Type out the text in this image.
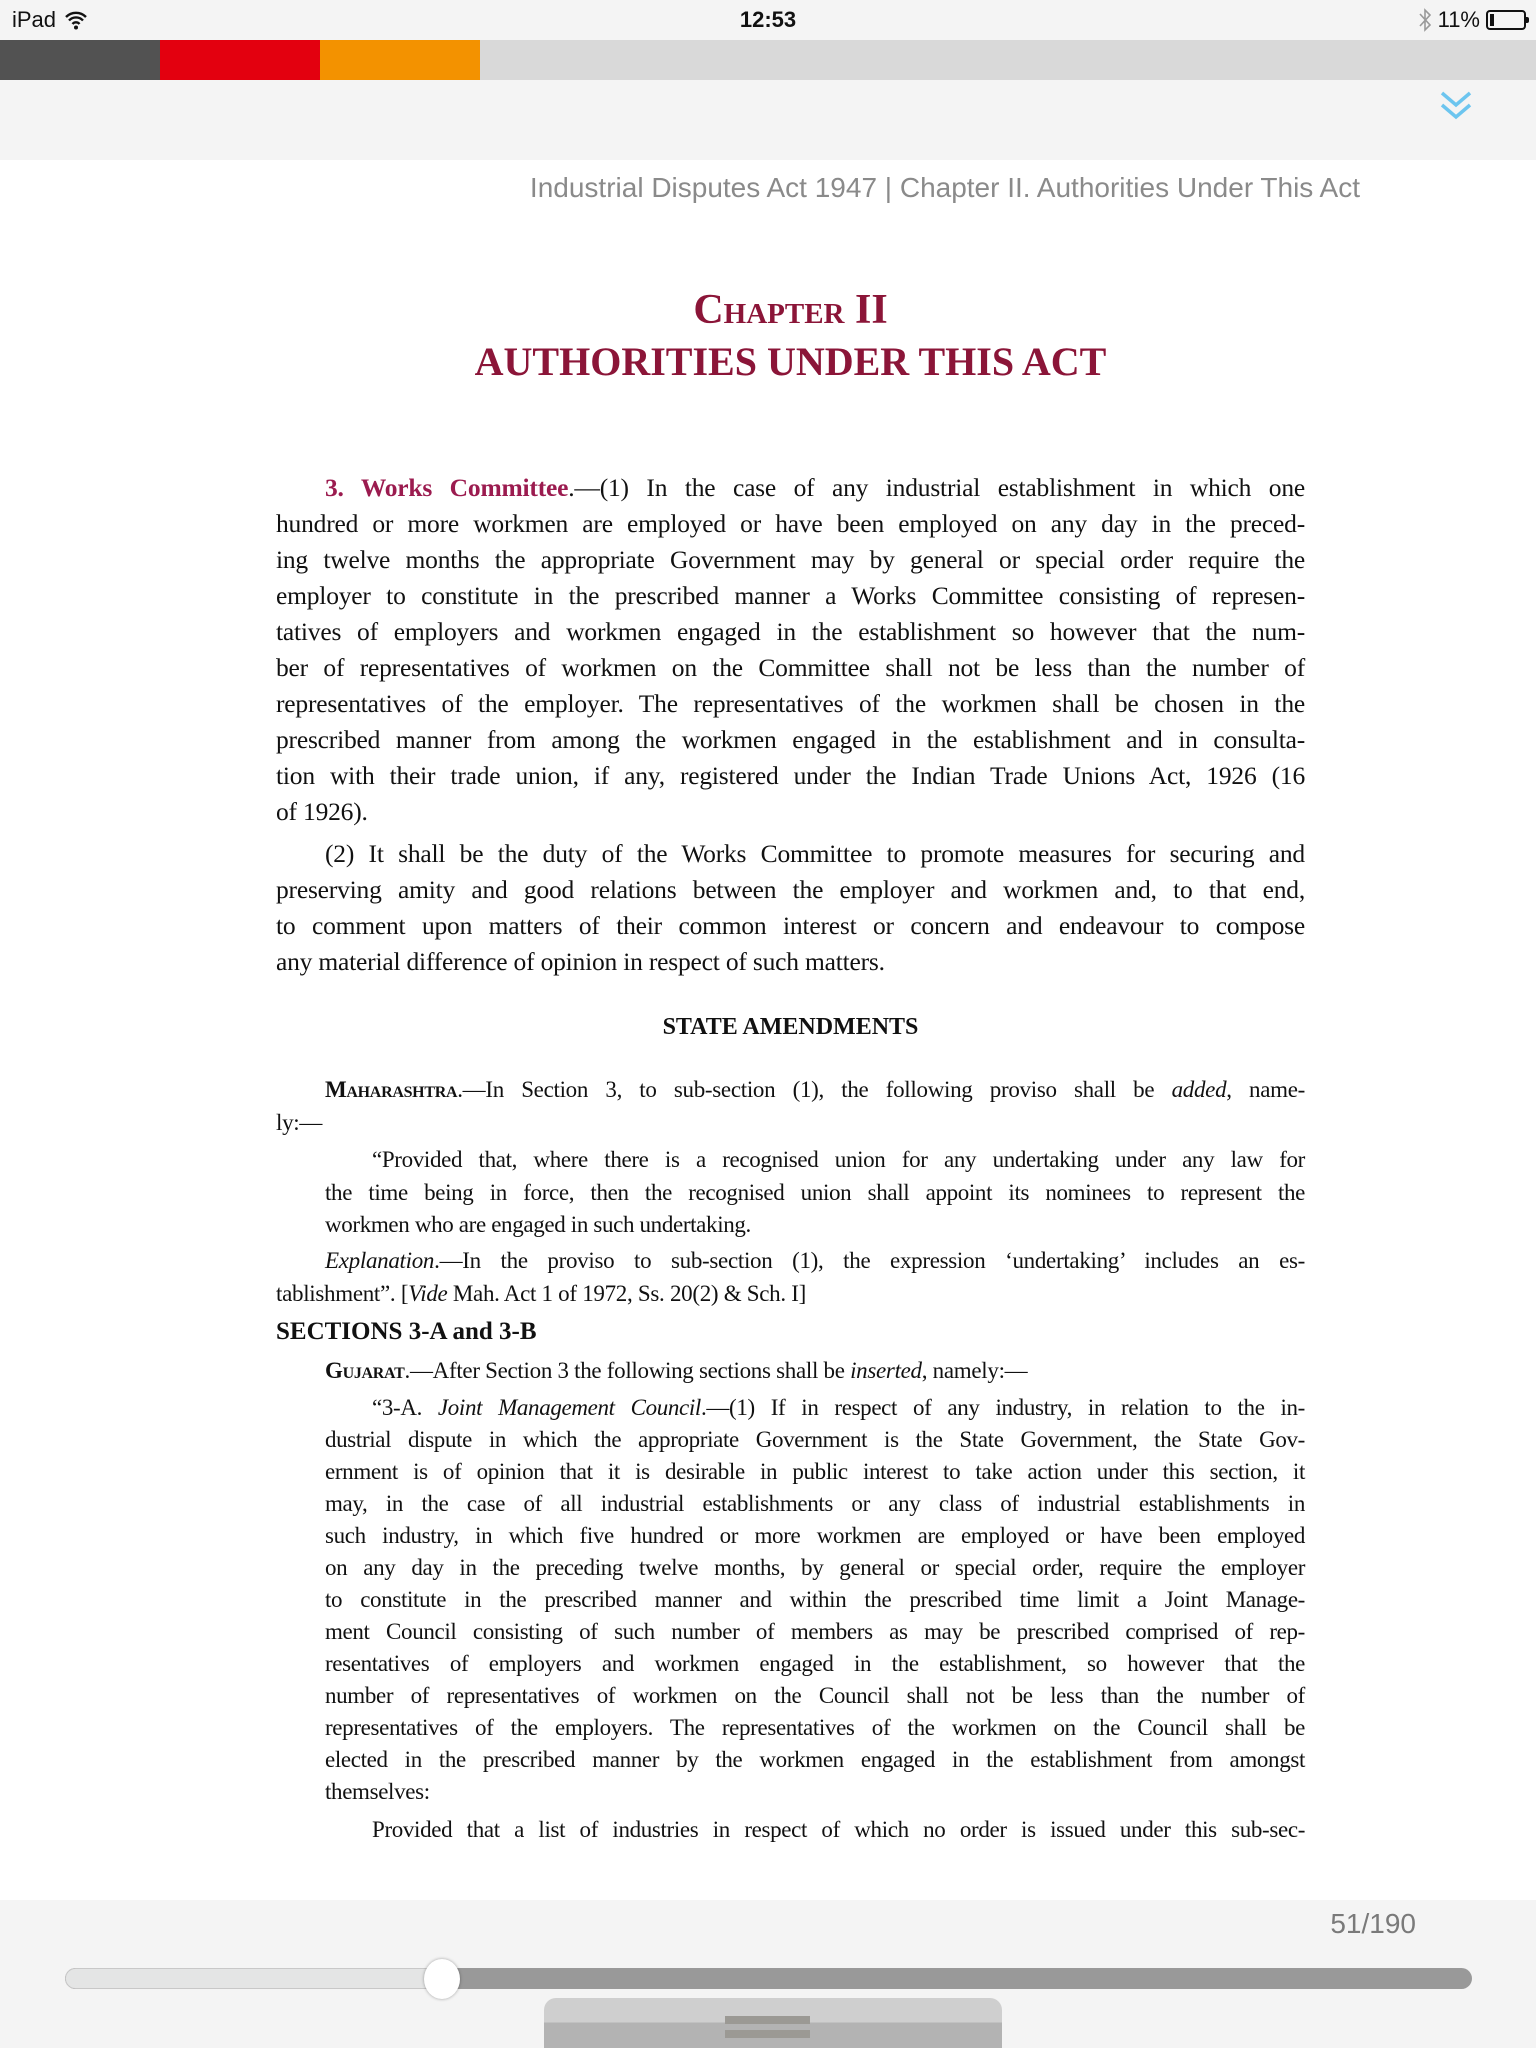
iPad	12:53	11%
Industrial Disputes Act 1947 | Chapter II. Authorities Under This Act
Chapter II
AUTHORITIES UNDER THIS ACT
3. Works Committee.—(1) In the case of any industrial establishment in which one
hundred or more workmen are employed or have been employed on any day in the preced-
ing twelve months the appropriate Government may by general or special order require the
employer to constitute in the prescribed manner a Works Committee consisting of represen-
tatives of employers and workmen engaged in the establishment so however that the num-
ber of representatives of workmen on the Committee shall not be less than the number of
representatives of the employer. The representatives of the workmen shall be chosen in the
prescribed manner from among the workmen engaged in the establishment and in consulta-
tion with their trade union, if any, registered under the Indian Trade Unions Act, 1926 (16
of 1926).
(2) It shall be the duty of the Works Committee to promote measures for securing and
preserving amity and good relations between the employer and workmen and, to that end,
to comment upon matters of their common interest or concern and endeavour to compose
any material difference of opinion in respect of such matters.
STATE AMENDMENTS
Maharashtra.—In Section 3, to sub-section (1), the following proviso shall be added, name-
ly:—
“Provided that, where there is a recognised union for any undertaking under any law for
the time being in force, then the recognised union shall appoint its nominees to represent the
workmen who are engaged in such undertaking.
Explanation.—In the proviso to sub-section (1), the expression ‘undertaking’ includes an es-
tablishment”. [Vide Mah. Act 1 of 1972, Ss. 20(2) & Sch. I]
SECTIONS 3-A and 3-B
Gujarat.—After Section 3 the following sections shall be inserted, namely:—
“3-A. Joint Management Council.—(1) If in respect of any industry, in relation to the in-
dustrial dispute in which the appropriate Government is the State Government, the State Gov-
ernment is of opinion that it is desirable in public interest to take action under this section, it
may, in the case of all industrial establishments or any class of industrial establishments in
such industry, in which five hundred or more workmen are employed or have been employed
on any day in the preceding twelve months, by general or special order, require the employer
to constitute in the prescribed manner and within the prescribed time limit a Joint Manage-
ment Council consisting of such number of members as may be prescribed comprised of rep-
resentatives of employers and workmen engaged in the establishment, so however that the
number of representatives of workmen on the Council shall not be less than the number of
representatives of the employers. The representatives of the workmen on the Council shall be
elected in the prescribed manner by the workmen engaged in the establishment from amongst
themselves:
Provided that a list of industries in respect of which no order is issued under this sub-sec-
51/190
